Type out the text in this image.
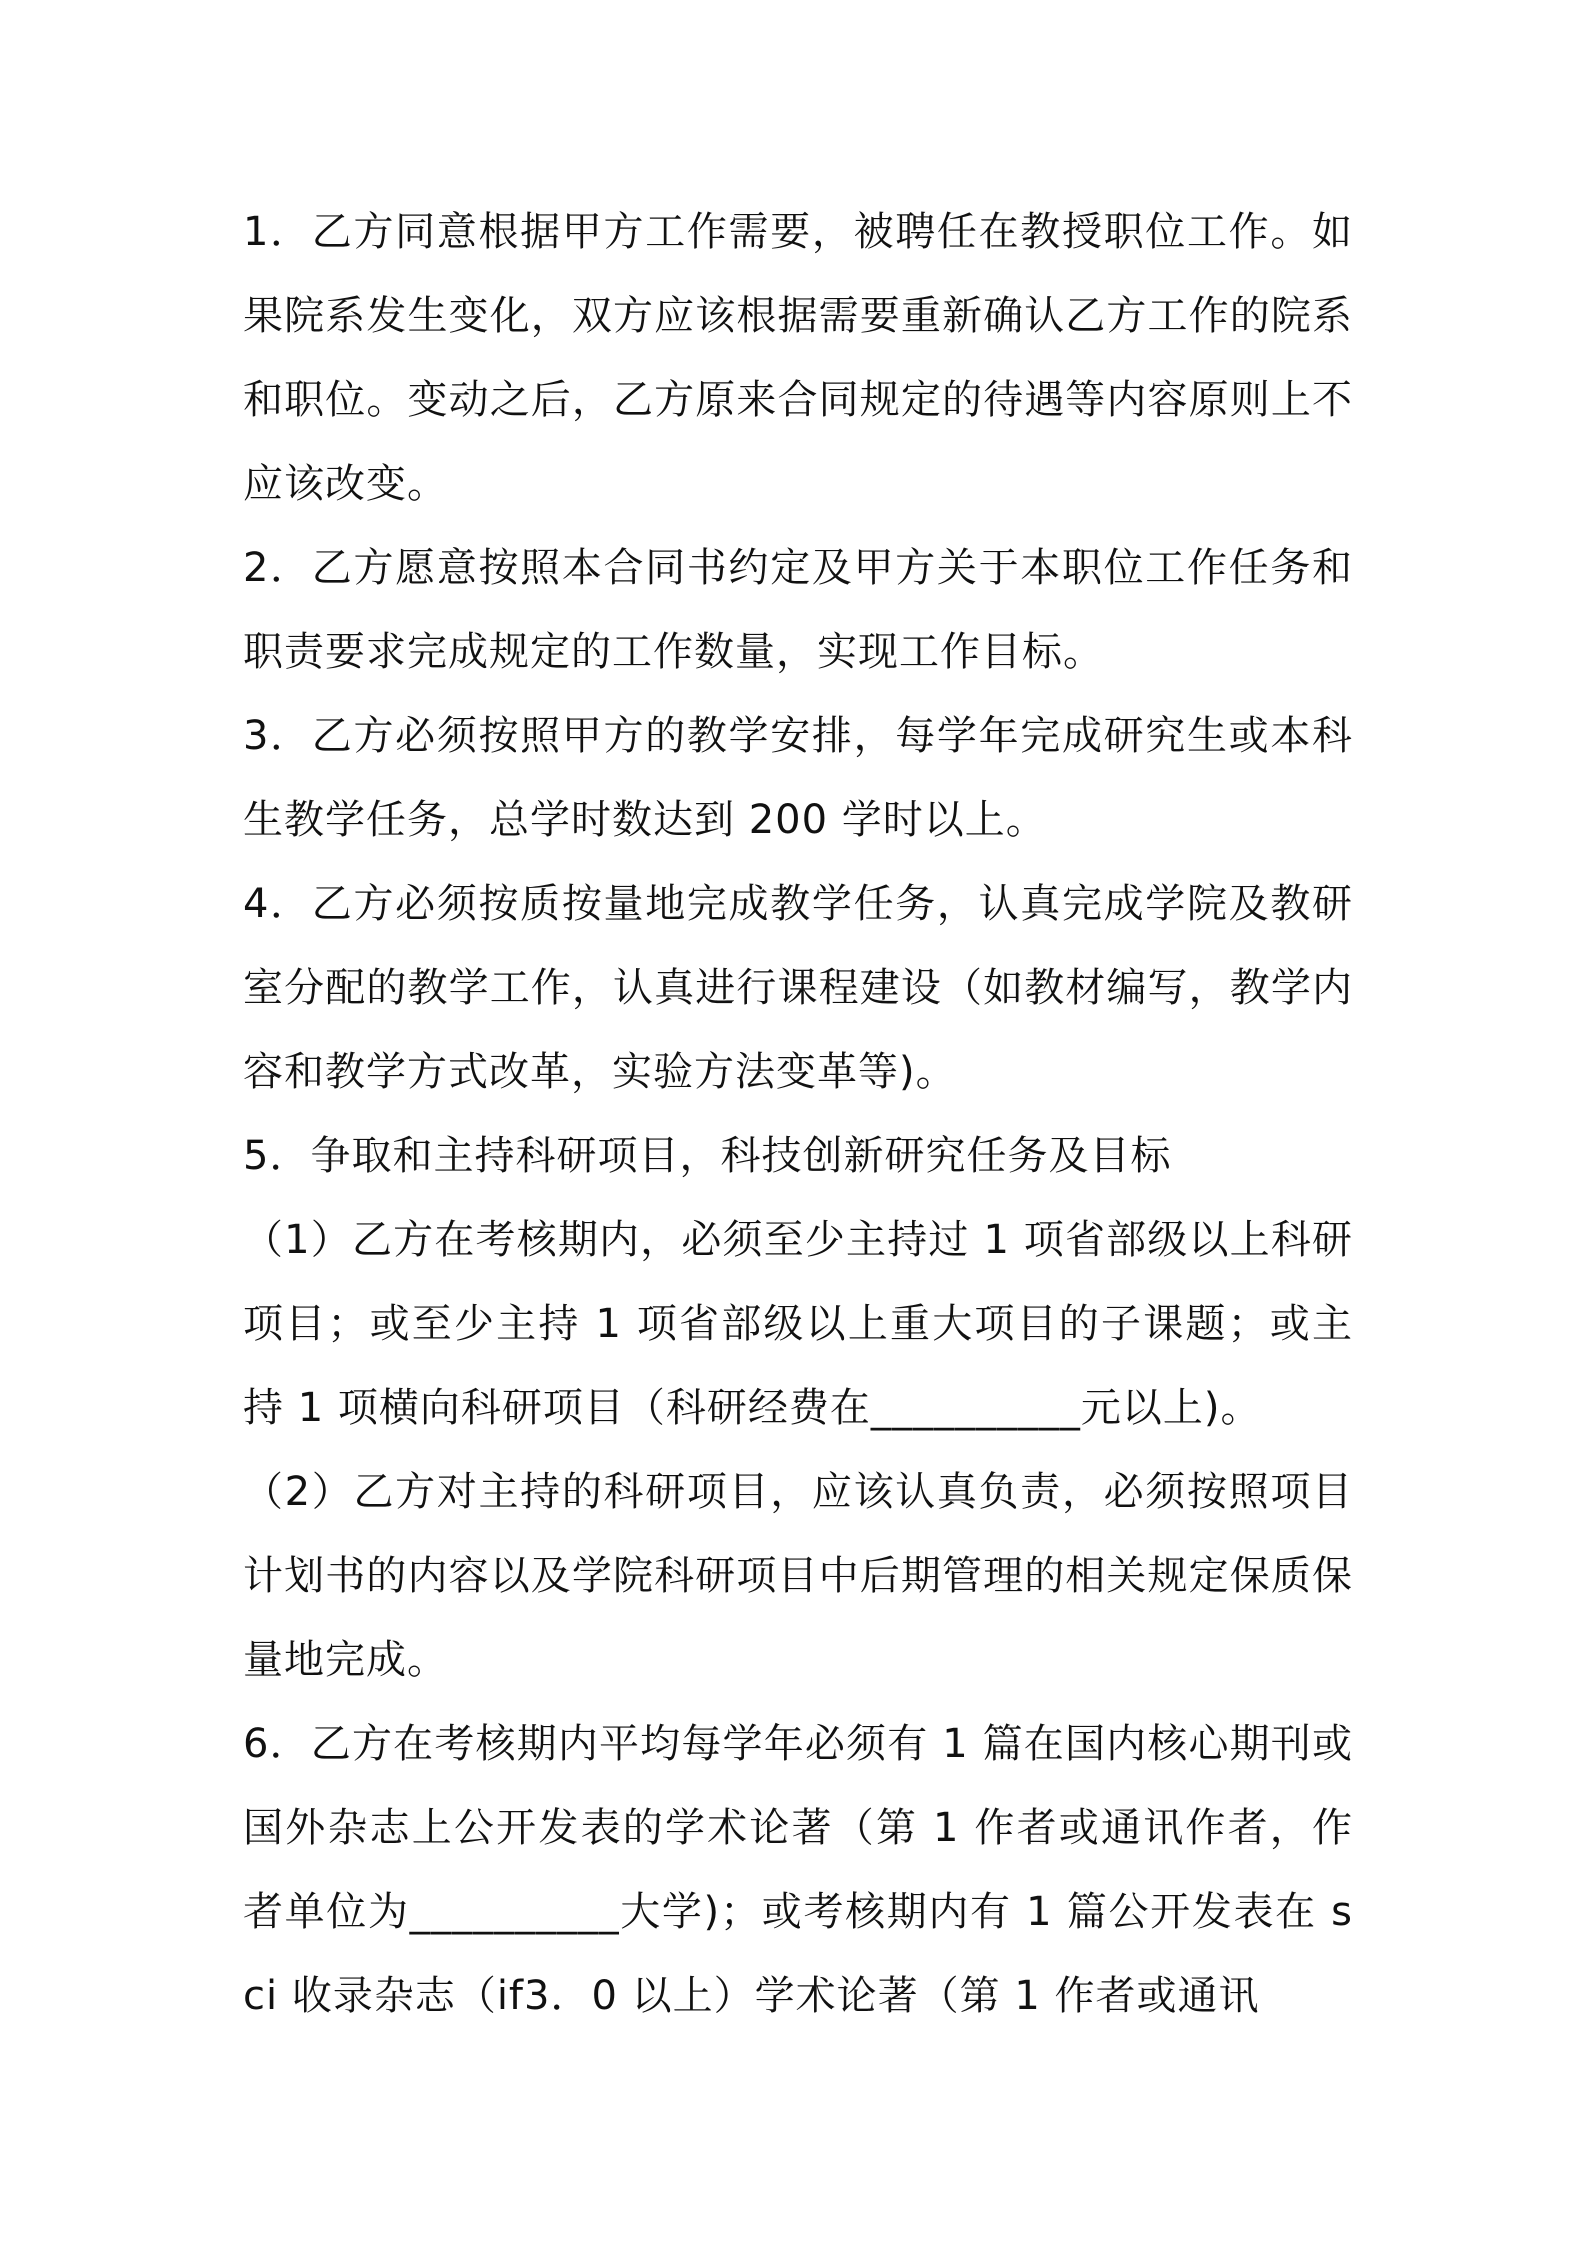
1．乙方同意根据甲方工作需要，被聘任在教授职位工作。如果院系发生变化，双方应该根据需要重新确认乙方工作的院系和职位。变动之后，乙方原来合同规定的待遇等内容原则上不应该改变。

2．乙方愿意按照本合同书约定及甲方关于本职位工作任务和职责要求完成规定的工作数量，实现工作目标。

3．乙方必须按照甲方的教学安排，每学年完成研究生或本科生教学任务，总学时数达到 200 学时以上。

4．乙方必须按质按量地完成教学任务，认真完成学院及教研室分配的教学工作，认真进行课程建设（如教材编写，教学内容和教学方式改革，实验方法变革等)。

5．争取和主持科研项目，科技创新研究任务及目标

（1）乙方在考核期内，必须至少主持过 1 项省部级以上科研项目；或至少主持 1 项省部级以上重大项目的子课题；或主持 1 项横向科研项目（科研经费在__________元以上)。

（2）乙方对主持的科研项目，应该认真负责，必须按照项目计划书的内容以及学院科研项目中后期管理的相关规定保质保量地完成。

6．乙方在考核期内平均每学年必须有 1 篇在国内核心期刊或国外杂志上公开发表的学术论著（第 1 作者或通讯作者，作者单位为__________大学)；或考核期内有 1 篇公开发表在 sci 收录杂志（if3．0 以上）学术论著（第 1 作者或通讯
